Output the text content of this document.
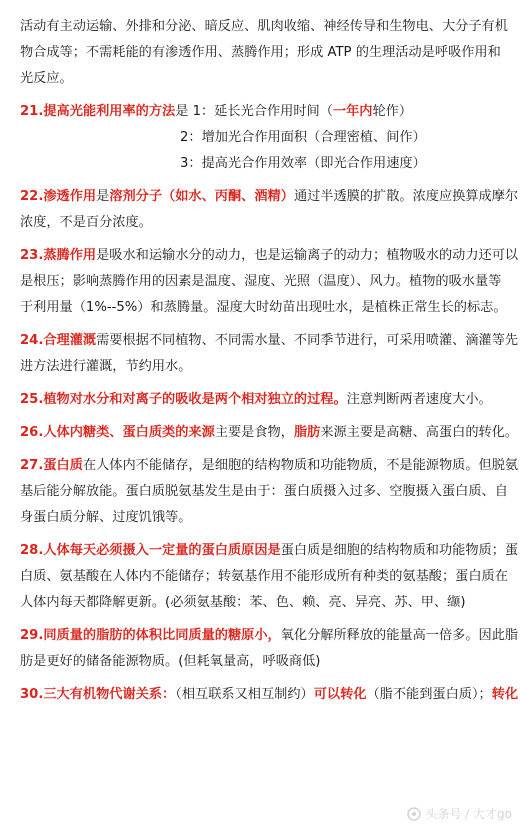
活动有主动运输、外排和分泌、暗反应、肌肉收缩、神经传导和生物电、大分子有机
物合成等；不需耗能的有渗透作用、蒸腾作用；形成 ATP 的生理活动是呼吸作用和
光反应。
21.提高光能利用率的方法是 1：延长光合作用时间（一年内轮作）
2：增加光合作用面积（合理密植、间作）
3：提高光合作用效率（即光合作用速度）
22.渗透作用是溶剂分子（如水、丙酮、酒精）通过半透膜的扩散。浓度应换算成摩尔
浓度，不是百分浓度。
23.蒸腾作用是吸水和运输水分的动力，也是运输离子的动力；植物吸水的动力还可以
是根压；影响蒸腾作用的因素是温度、湿度、光照（温度）、风力。植物的吸水量等
于利用量（1%--5%）和蒸腾量。湿度大时幼苗出现吐水，是植株正常生长的标志。
24.合理灌溉需要根据不同植物、不同需水量、不同季节进行，可采用喷灌、滴灌等先
进方法进行灌溉，节约用水。
25.植物对水分和对离子的吸收是两个相对独立的过程。注意判断两者速度大小。
26.人体内糖类、蛋白质类的来源主要是食物，脂肪来源主要是高糖、高蛋白的转化。
27.蛋白质在人体内不能储存，是细胞的结构物质和功能物质，不是能源物质。但脱氨
基后能分解放能。蛋白质脱氨基发生是由于：蛋白质摄入过多、空腹摄入蛋白质、自
身蛋白质分解、过度饥饿等。
28.人体每天必须摄入一定量的蛋白质原因是蛋白质是细胞的结构物质和功能物质；蛋
白质、氨基酸在人体内不能储存；转氨基作用不能形成所有种类的氨基酸；蛋白质在
人体内每天都降解更新。(必须氨基酸：苯、色、赖、亮、异亮、苏、甲、缬)
29.同质量的脂肪的体积比同质量的糖原小，氧化分解所释放的能量高一倍多。因此脂
肪是更好的储备能源物质。(但耗氧量高，呼吸商低)
30.三大有机物代谢关系：（相互联系又相互制约）可以转化（脂不能到蛋白质）；转化
头条号 / 大才go
